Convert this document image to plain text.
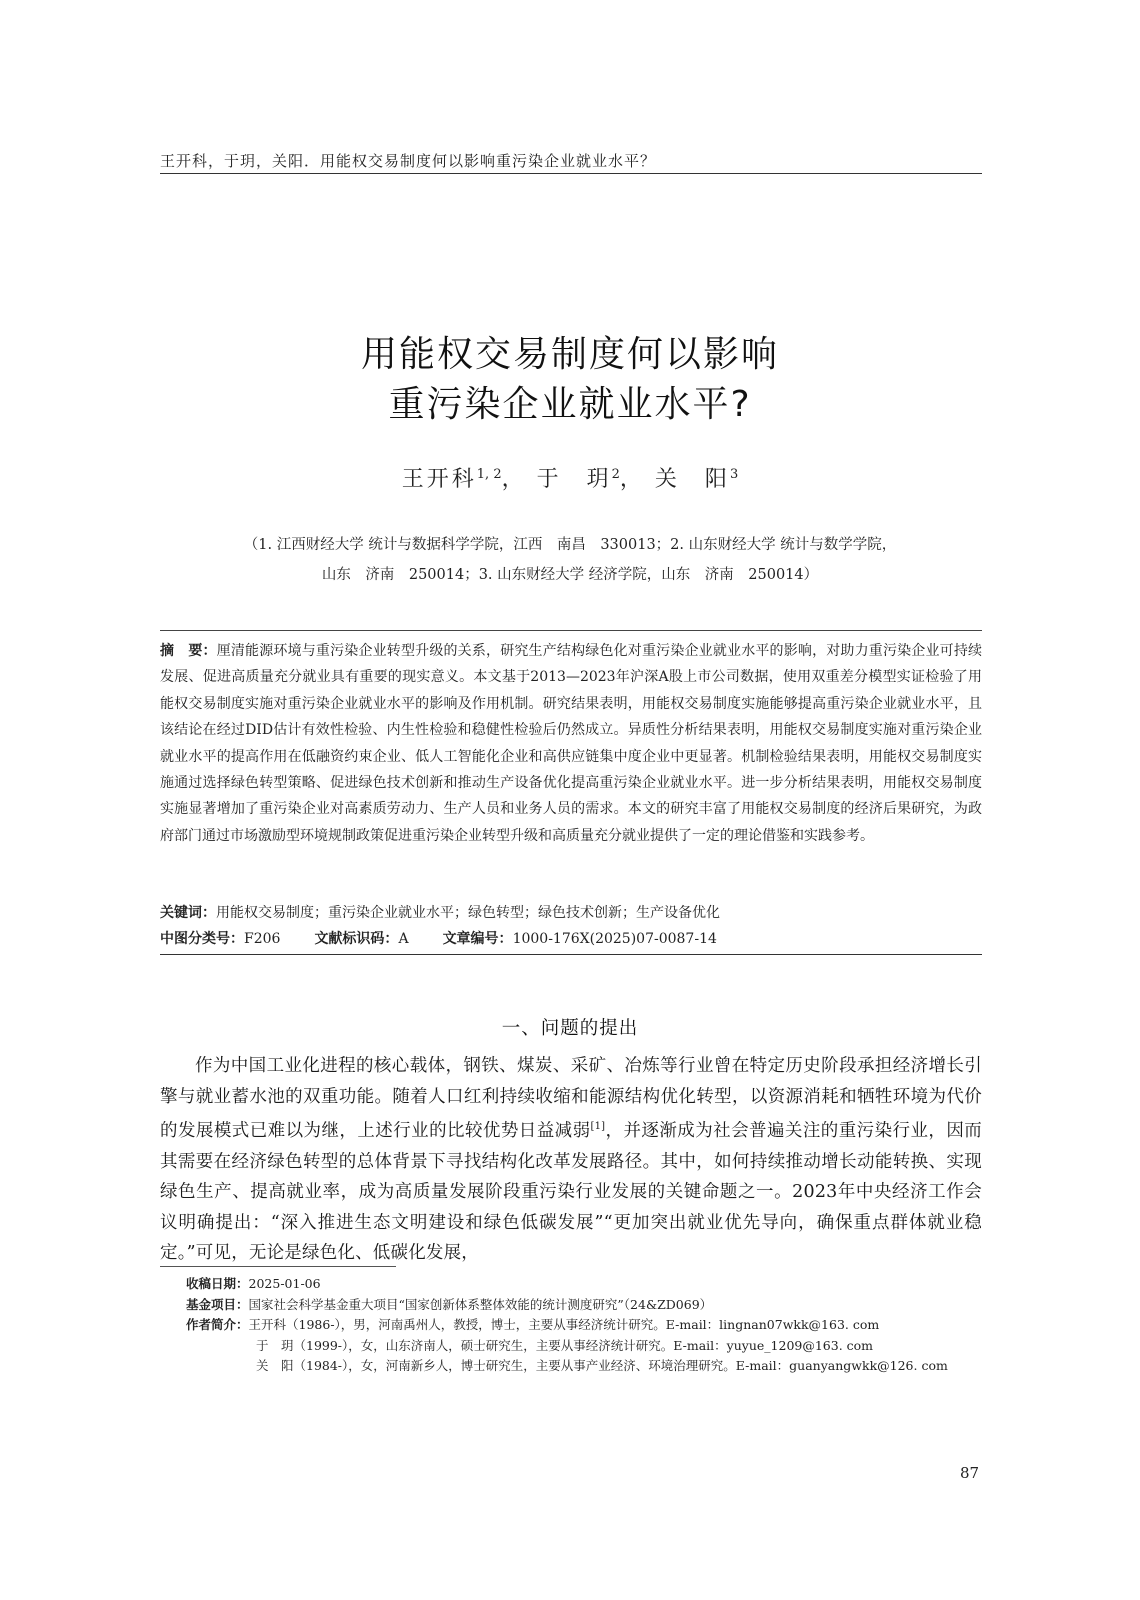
王开科，于玥，关阳．用能权交易制度何以影响重污染企业就业水平？
用能权交易制度何以影响
重污染企业就业水平?
王开科$^{1, 2}$， 于　玥$^2$， 关　阳$^3$
（1. 江西财经大学 统计与数据科学学院，江西　南昌　330013；2. 山东财经大学 统计与数学学院，
山东　济南　250014；3. 山东财经大学 经济学院，山东　济南　250014）
摘　要：厘清能源环境与重污染企业转型升级的关系，研究生产结构绿色化对重污染企业就业水平的影响，对助力重污染企业可持续发展、促进高质量充分就业具有重要的现实意义。本文基于2013—2023年沪深A股上市公司数据，使用双重差分模型实证检验了用能权交易制度实施对重污染企业就业水平的影响及作用机制。研究结果表明，用能权交易制度实施能够提高重污染企业就业水平，且该结论在经过DID估计有效性检验、内生性检验和稳健性检验后仍然成立。异质性分析结果表明，用能权交易制度实施对重污染企业就业水平的提高作用在低融资约束企业、低人工智能化企业和高供应链集中度企业中更显著。机制检验结果表明，用能权交易制度实施通过选择绿色转型策略、促进绿色技术创新和推动生产设备优化提高重污染企业就业水平。进一步分析结果表明，用能权交易制度实施显著增加了重污染企业对高素质劳动力、生产人员和业务人员的需求。本文的研究丰富了用能权交易制度的经济后果研究，为政府部门通过市场激励型环境规制政策促进重污染企业转型升级和高质量充分就业提供了一定的理论借鉴和实践参考。
关键词：用能权交易制度；重污染企业就业水平；绿色转型；绿色技术创新；生产设备优化
中图分类号：F206 文献标识码：A 文章编号：1000-176X(2025)07-0087-14
一、问题的提出
作为中国工业化进程的核心载体，钢铁、煤炭、采矿、冶炼等行业曾在特定历史阶段承担经济增长引擎与就业蓄水池的双重功能。随着人口红利持续收缩和能源结构优化转型，以资源消耗和牺牲环境为代价的发展模式已难以为继，上述行业的比较优势日益减弱[1]，并逐渐成为社会普遍关注的重污染行业，因而其需要在经济绿色转型的总体背景下寻找结构化改革发展路径。其中，如何持续推动增长动能转换、实现绿色生产、提高就业率，成为高质量发展阶段重污染行业发展的关键命题之一。2023年中央经济工作会议明确提出：“深入推进生态文明建设和绿色低碳发展”“更加突出就业优先导向，确保重点群体就业稳定。”可见，无论是绿色化、低碳化发展，
收稿日期：2025-01-06
基金项目：国家社会科学基金重大项目“国家创新体系整体效能的统计测度研究”（24&ZD069）
作者简介：王开科（1986-），男，河南禹州人，教授，博士，主要从事经济统计研究。E-mail：lingnan07wkk@163. com
于　玥（1999-），女，山东济南人，硕士研究生，主要从事经济统计研究。E-mail：yuyue_1209@163. com
关　阳（1984-），女，河南新乡人，博士研究生，主要从事产业经济、环境治理研究。E-mail：guanyangwkk@126. com
87
